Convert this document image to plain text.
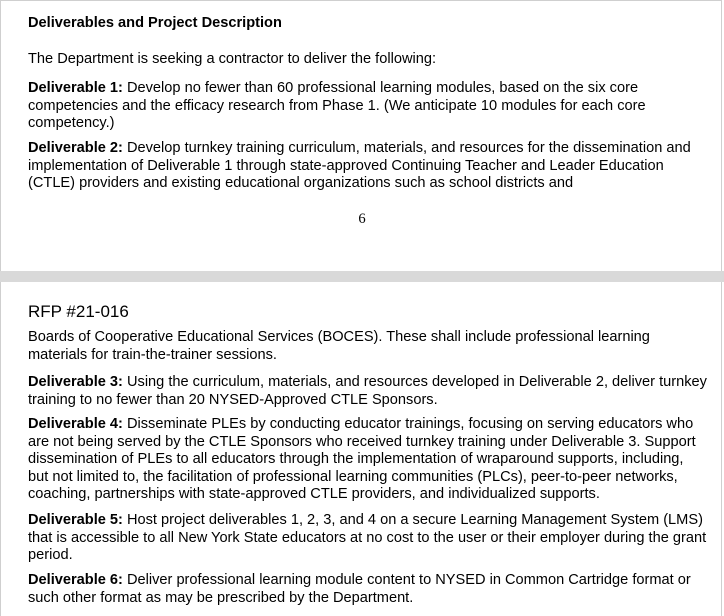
Deliverables and Project Description

The Department is seeking a contractor to deliver the following:

Deliverable 1: Develop no fewer than 60 professional learning modules, based on the six core competencies and the efficacy research from Phase 1. (We anticipate 10 modules for each core competency.)

Deliverable 2: Develop turnkey training curriculum, materials, and resources for the dissemination and implementation of Deliverable 1 through state-approved Continuing Teacher and Leader Education (CTLE) providers and existing educational organizations such as school districts and

6
RFP #21-016

Boards of Cooperative Educational Services (BOCES). These shall include professional learning materials for train-the-trainer sessions.

Deliverable 3: Using the curriculum, materials, and resources developed in Deliverable 2, deliver turnkey training to no fewer than 20 NYSED-Approved CTLE Sponsors.

Deliverable 4: Disseminate PLEs by conducting educator trainings, focusing on serving educators who are not being served by the CTLE Sponsors who received turnkey training under Deliverable 3. Support dissemination of PLEs to all educators through the implementation of wraparound supports, including, but not limited to, the facilitation of professional learning communities (PLCs), peer-to-peer networks, coaching, partnerships with state-approved CTLE providers, and individualized supports.

Deliverable 5: Host project deliverables 1, 2, 3, and 4 on a secure Learning Management System (LMS) that is accessible to all New York State educators at no cost to the user or their employer during the grant period.

Deliverable 6: Deliver professional learning module content to NYSED in Common Cartridge format or such other format as may be prescribed by the Department.
